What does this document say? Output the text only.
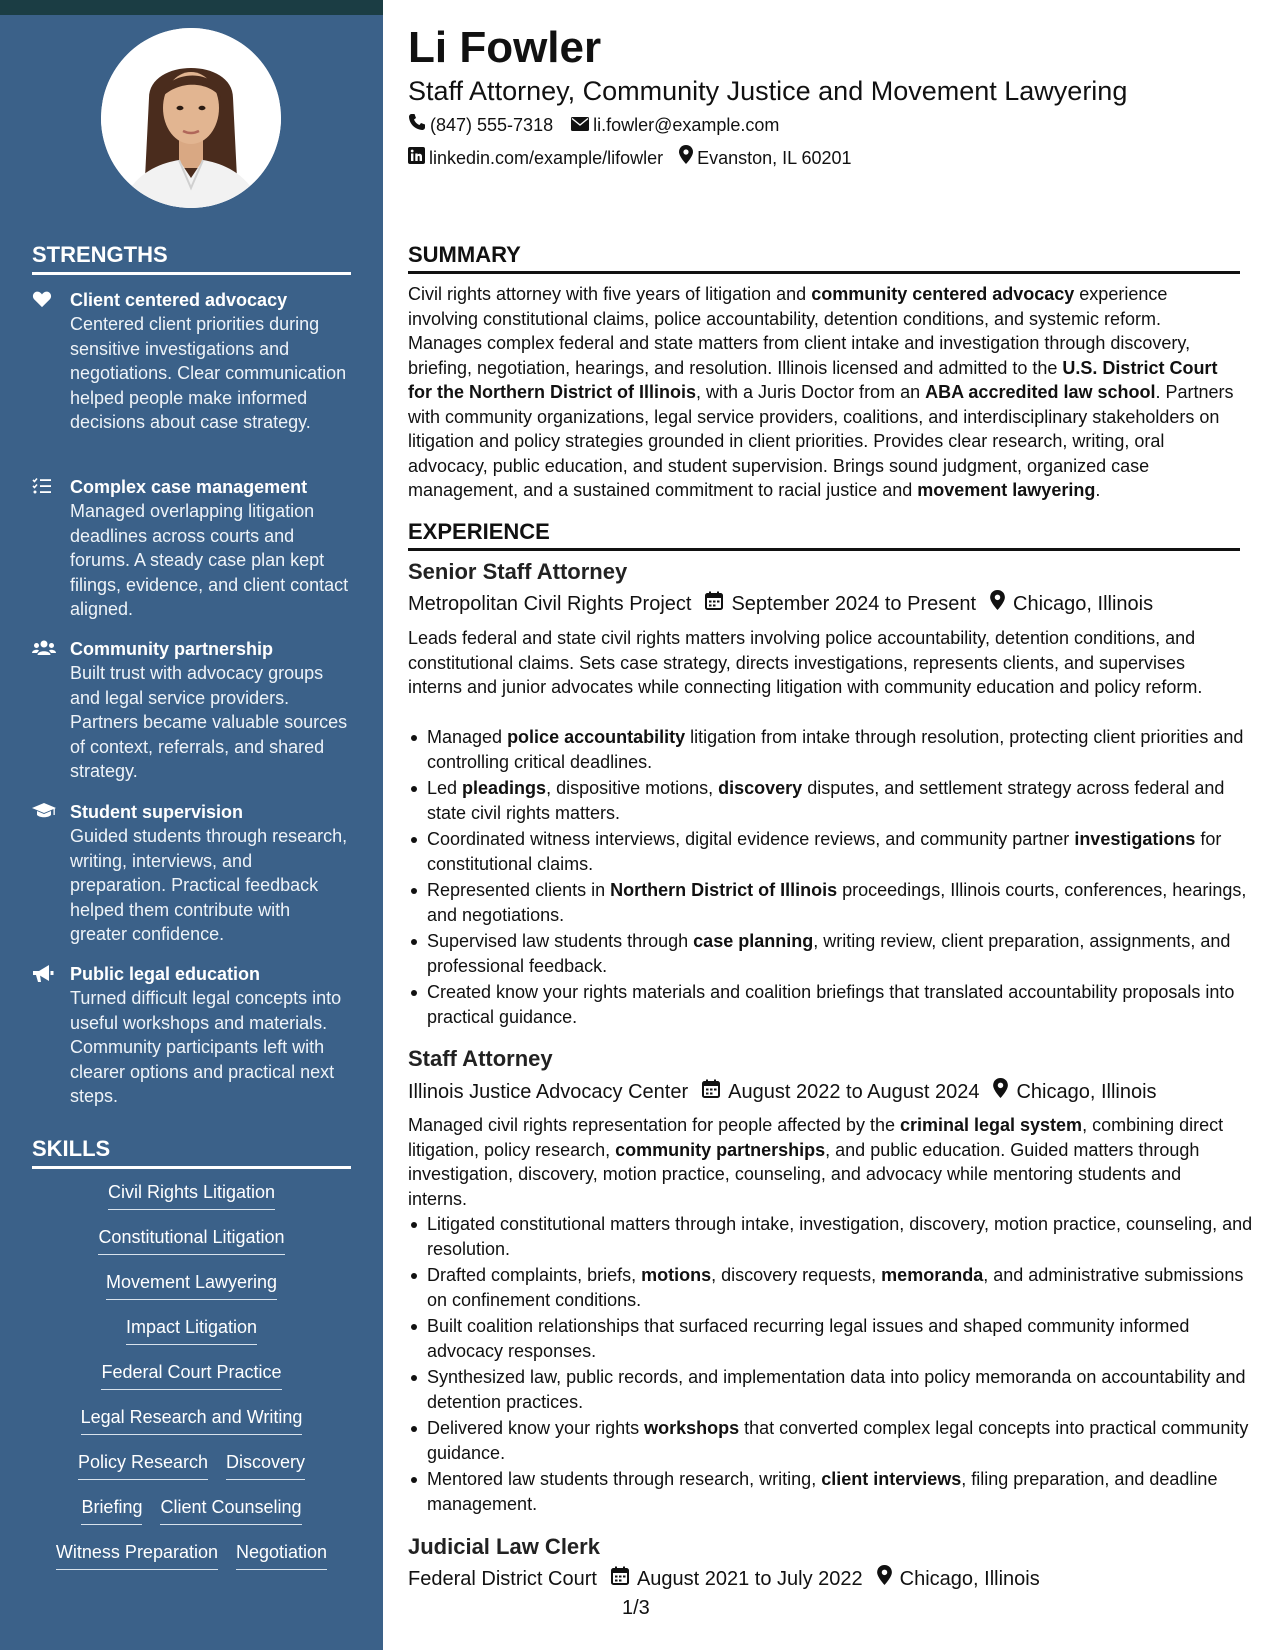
STRENGTHS
Client centered advocacy
Centered client priorities during sensitive investigations and negotiations. Clear communication helped people make informed decisions about case strategy.
Complex case management
Managed overlapping litigation deadlines across courts and forums. A steady case plan kept filings, evidence, and client contact aligned.
Community partnership
Built trust with advocacy groups and legal service providers. Partners became valuable sources of context, referrals, and shared strategy.
Student supervision
Guided students through research, writing, interviews, and preparation. Practical feedback helped them contribute with greater confidence.
Public legal education
Turned difficult legal concepts into useful workshops and materials. Community participants left with clearer options and practical next steps.
SKILLS
Civil Rights Litigation
Constitutional Litigation
Movement Lawyering
Impact Litigation
Federal Court Practice
Legal Research and Writing
Policy Research Discovery
Briefing Client Counseling
Witness Preparation Negotiation
Li Fowler
Staff Attorney, Community Justice and Movement Lawyering
(847) 555-7318 li.fowler@example.com
linkedin.com/example/lifowler Evanston, IL 60201
SUMMARY
Civil rights attorney with five years of litigation and community centered advocacy experience involving constitutional claims, police accountability, detention conditions, and systemic reform. Manages complex federal and state matters from client intake and investigation through discovery, briefing, negotiation, hearings, and resolution. Illinois licensed and admitted to the U.S. District Court for the Northern District of Illinois, with a Juris Doctor from an ABA accredited law school. Partners with community organizations, legal service providers, coalitions, and interdisciplinary stakeholders on litigation and policy strategies grounded in client priorities. Provides clear research, writing, oral advocacy, public education, and student supervision. Brings sound judgment, organized case management, and a sustained commitment to racial justice and movement lawyering.
EXPERIENCE
Senior Staff Attorney
Metropolitan Civil Rights Project September 2024 to Present Chicago, Illinois
Leads federal and state civil rights matters involving police accountability, detention conditions, and constitutional claims. Sets case strategy, directs investigations, represents clients, and supervises interns and junior advocates while connecting litigation with community education and policy reform.
Managed police accountability litigation from intake through resolution, protecting client priorities and controlling critical deadlines.
Led pleadings, dispositive motions, discovery disputes, and settlement strategy across federal and state civil rights matters.
Coordinated witness interviews, digital evidence reviews, and community partner investigations for constitutional claims.
Represented clients in Northern District of Illinois proceedings, Illinois courts, conferences, hearings, and negotiations.
Supervised law students through case planning, writing review, client preparation, assignments, and professional feedback.
Created know your rights materials and coalition briefings that translated accountability proposals into practical guidance.
Staff Attorney
Illinois Justice Advocacy Center August 2022 to August 2024 Chicago, Illinois
Managed civil rights representation for people affected by the criminal legal system, combining direct litigation, policy research, community partnerships, and public education. Guided matters through investigation, discovery, motion practice, counseling, and advocacy while mentoring students and interns.
Litigated constitutional matters through intake, investigation, discovery, motion practice, counseling, and resolution.
Drafted complaints, briefs, motions, discovery requests, memoranda, and administrative submissions on confinement conditions.
Built coalition relationships that surfaced recurring legal issues and shaped community informed advocacy responses.
Synthesized law, public records, and implementation data into policy memoranda on accountability and detention practices.
Delivered know your rights workshops that converted complex legal concepts into practical community guidance.
Mentored law students through research, writing, client interviews, filing preparation, and deadline management.
Judicial Law Clerk
Federal District Court August 2021 to July 2022 Chicago, Illinois
1/3
